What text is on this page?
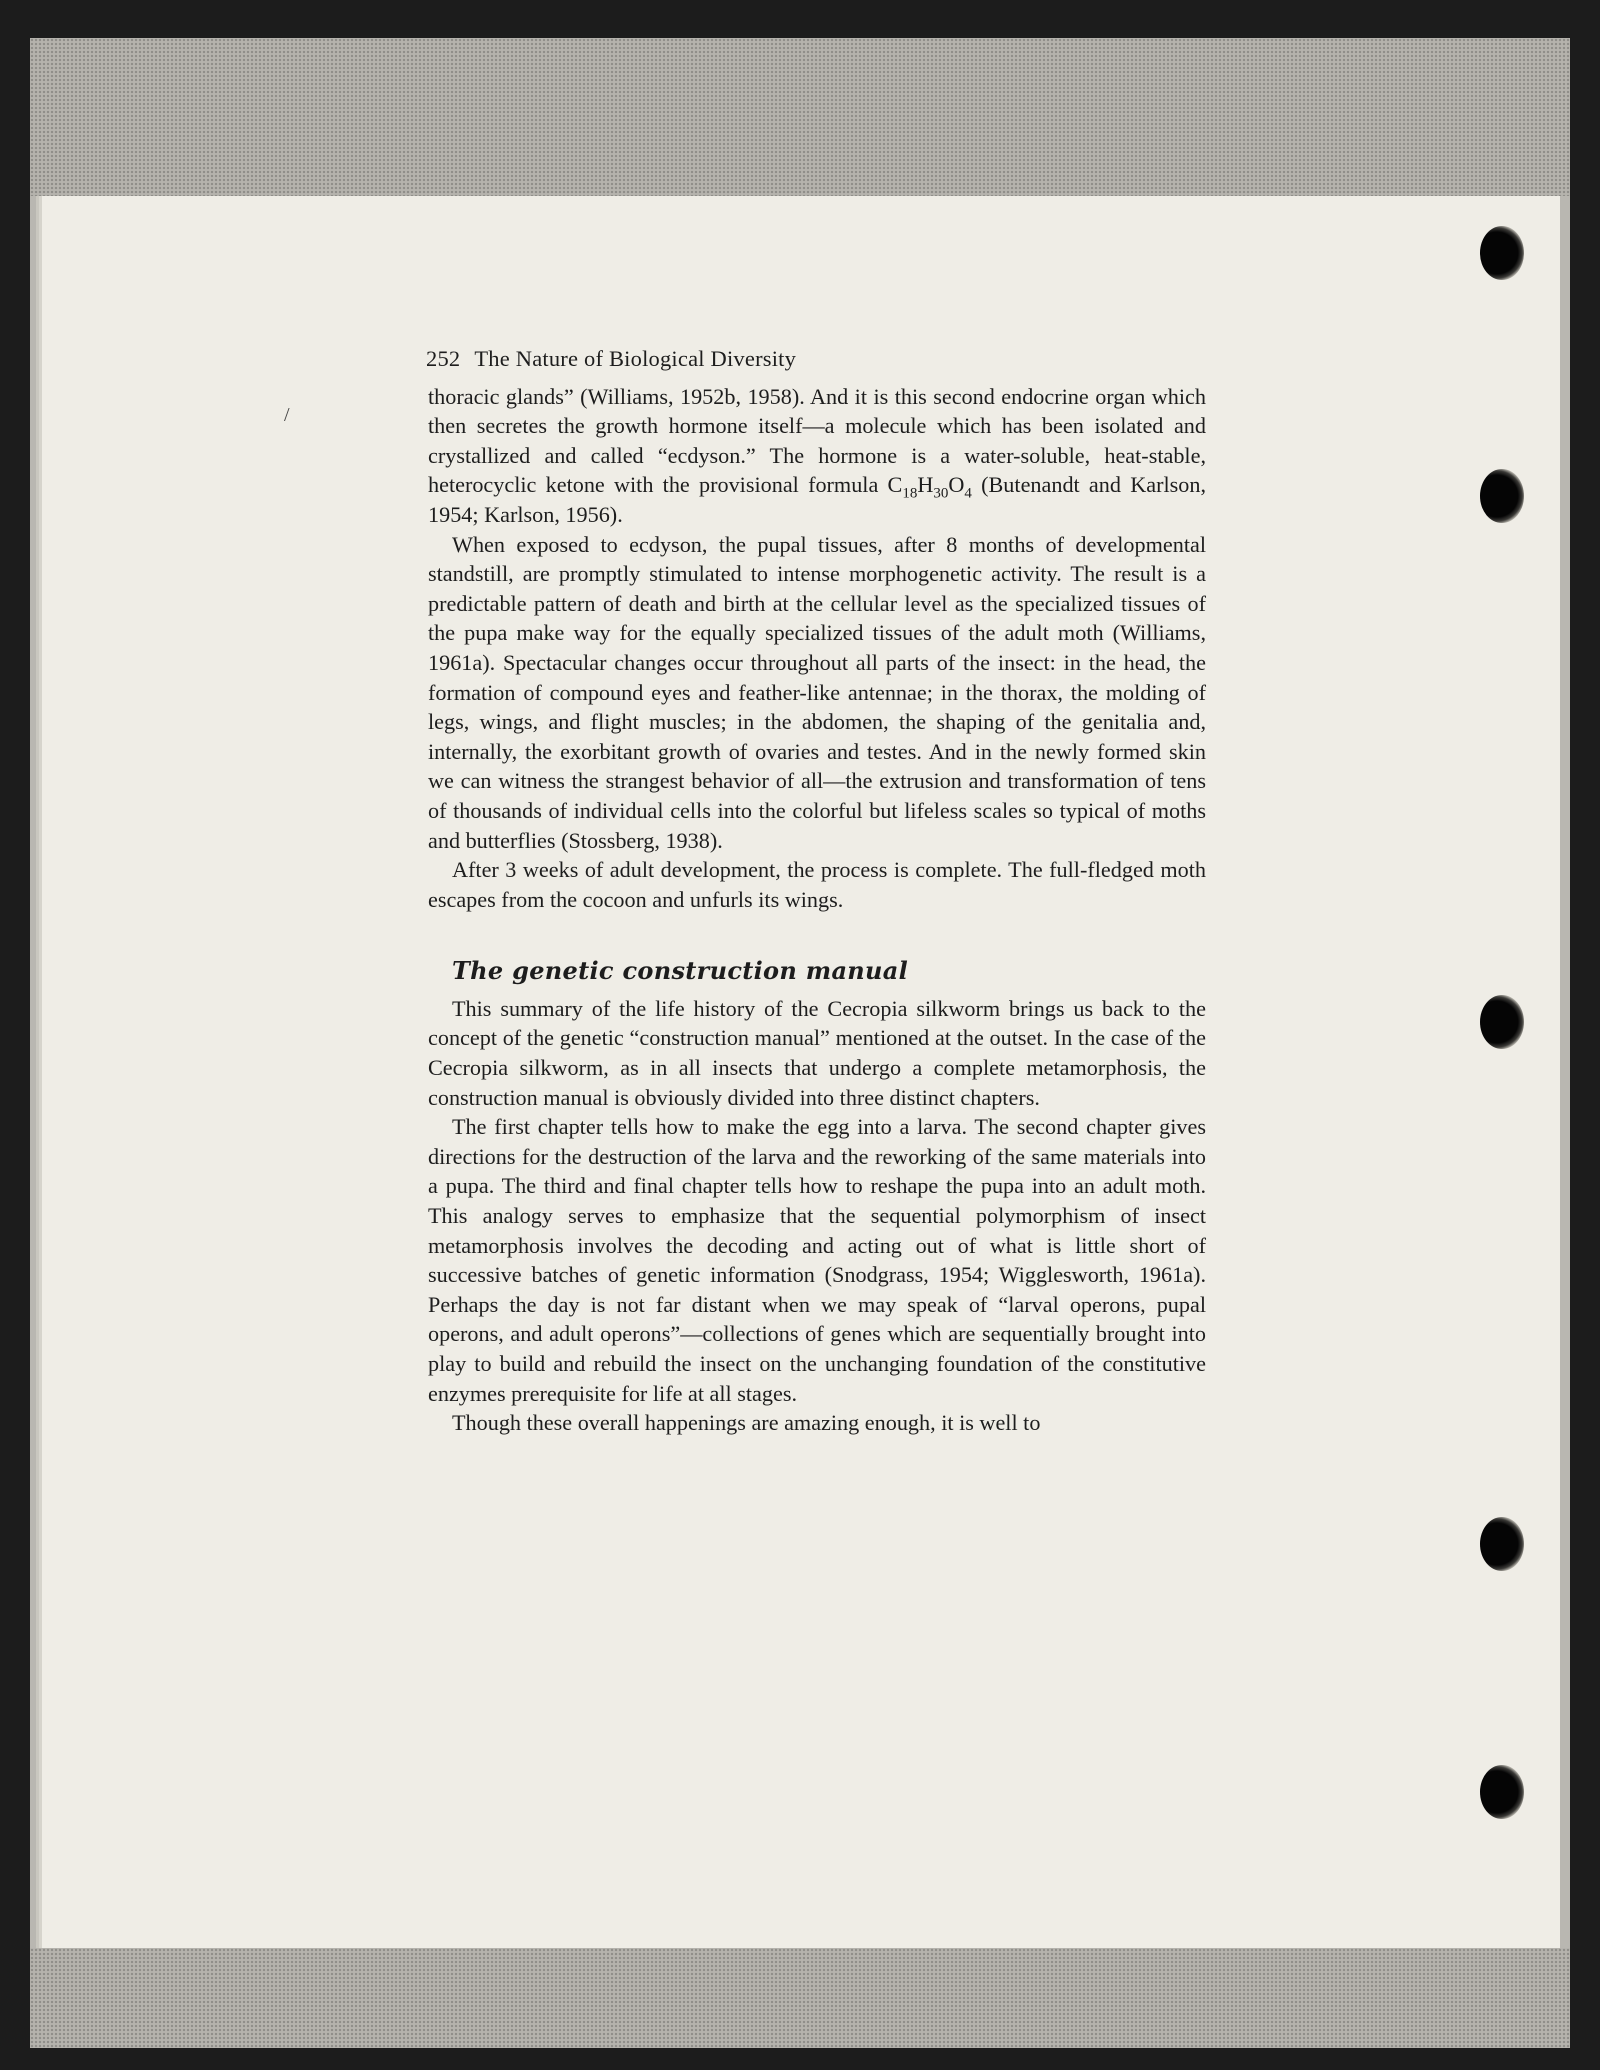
/
252 The Nature of Biological Diversity

thoracic glands” (Williams, 1952b, 1958). And it is this second endocrine organ which then secretes the growth hormone itself—a molecule which has been isolated and crystallized and called “ecdyson.” The hormone is a water-soluble, heat-stable, heterocyclic ketone with the provisional formula $C_{18}H_{30}O_4$ (Butenandt and Karlson, 1954; Karlson, 1956).

When exposed to ecdyson, the pupal tissues, after 8 months of developmental standstill, are promptly stimulated to intense morphogenetic activity. The result is a predictable pattern of death and birth at the cellular level as the specialized tissues of the pupa make way for the equally specialized tissues of the adult moth (Williams, 1961a). Spectacular changes occur throughout all parts of the insect: in the head, the formation of compound eyes and feather-like antennae; in the thorax, the molding of legs, wings, and flight muscles; in the abdomen, the shaping of the genitalia and, internally, the exorbitant growth of ovaries and testes. And in the newly formed skin we can witness the strangest behavior of all—the extrusion and transformation of tens of thousands of individual cells into the colorful but lifeless scales so typical of moths and butterflies (Stossberg, 1938).

After 3 weeks of adult development, the process is complete. The full-fledged moth escapes from the cocoon and unfurls its wings.

The genetic construction manual

This summary of the life history of the Cecropia silkworm brings us back to the concept of the genetic “construction manual” mentioned at the outset. In the case of the Cecropia silkworm, as in all insects that undergo a complete metamorphosis, the construction manual is obviously divided into three distinct chapters.

The first chapter tells how to make the egg into a larva. The second chapter gives directions for the destruction of the larva and the reworking of the same materials into a pupa. The third and final chapter tells how to reshape the pupa into an adult moth. This analogy serves to emphasize that the sequential polymorphism of insect metamorphosis involves the decoding and acting out of what is little short of successive batches of genetic information (Snodgrass, 1954; Wigglesworth, 1961a). Perhaps the day is not far distant when we may speak of “larval operons, pupal operons, and adult operons”—collections of genes which are sequentially brought into play to build and rebuild the insect on the unchanging foundation of the constitutive enzymes prerequisite for life at all stages.

Though these overall happenings are amazing enough, it is well to
